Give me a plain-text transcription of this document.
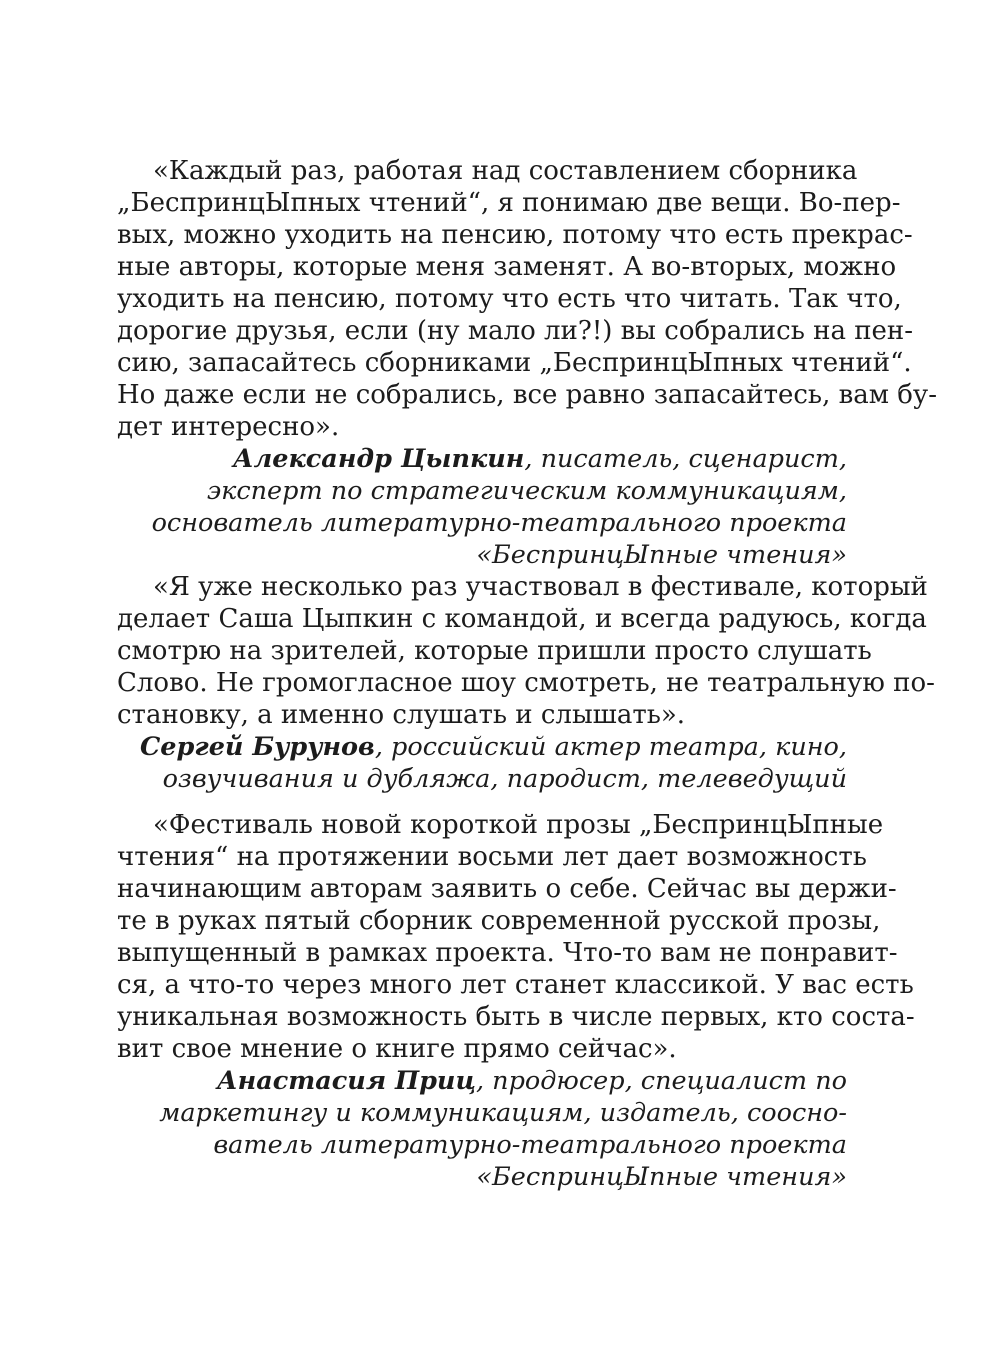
«Каждый раз, работая над составлением сборника
„БеспринцЫпных чтений“, я понимаю две вещи. Во-пер-
вых, можно уходить на пенсию, потому что есть прекрас-
ные авторы, которые меня заменят. А во-вторых, можно
уходить на пенсию, потому что есть что читать. Так что,
дорогие друзья, если (ну мало ли?!) вы собрались на пен-
сию, запасайтесь сборниками „БеспринцЫпных чтений“.
Но даже если не собрались, все равно запасайтесь, вам бу-
дет интересно».
Александр Цыпкин, писатель, сценарист,
эксперт по стратегическим коммуникациям,
основатель литературно-театрального проекта
«БеспринцЫпные чтения»
«Я уже несколько раз участвовал в фестивале, который
делает Саша Цыпкин с командой, и всегда радуюсь, когда
смотрю на зрителей, которые пришли просто слушать
Слово. Не громогласное шоу смотреть, не театральную по-
становку, а именно слушать и слышать».
Сергей Бурунов, российский актер театра, кино,
озвучивания и дубляжа, пародист, телеведущий
«Фестиваль новой короткой прозы „БеспринцЫпные
чтения“ на протяжении восьми лет дает возможность
начинающим авторам заявить о себе. Сейчас вы держи-
те в руках пятый сборник современной русской прозы,
выпущенный в рамках проекта. Что-то вам не понравит-
ся, а что-то через много лет станет классикой. У вас есть
уникальная возможность быть в числе первых, кто соста-
вит свое мнение о книге прямо сейчас».
Анастасия Приц, продюсер, специалист по
маркетингу и коммуникациям, издатель, соосно-
ватель литературно-театрального проекта
«БеспринцЫпные чтения»
